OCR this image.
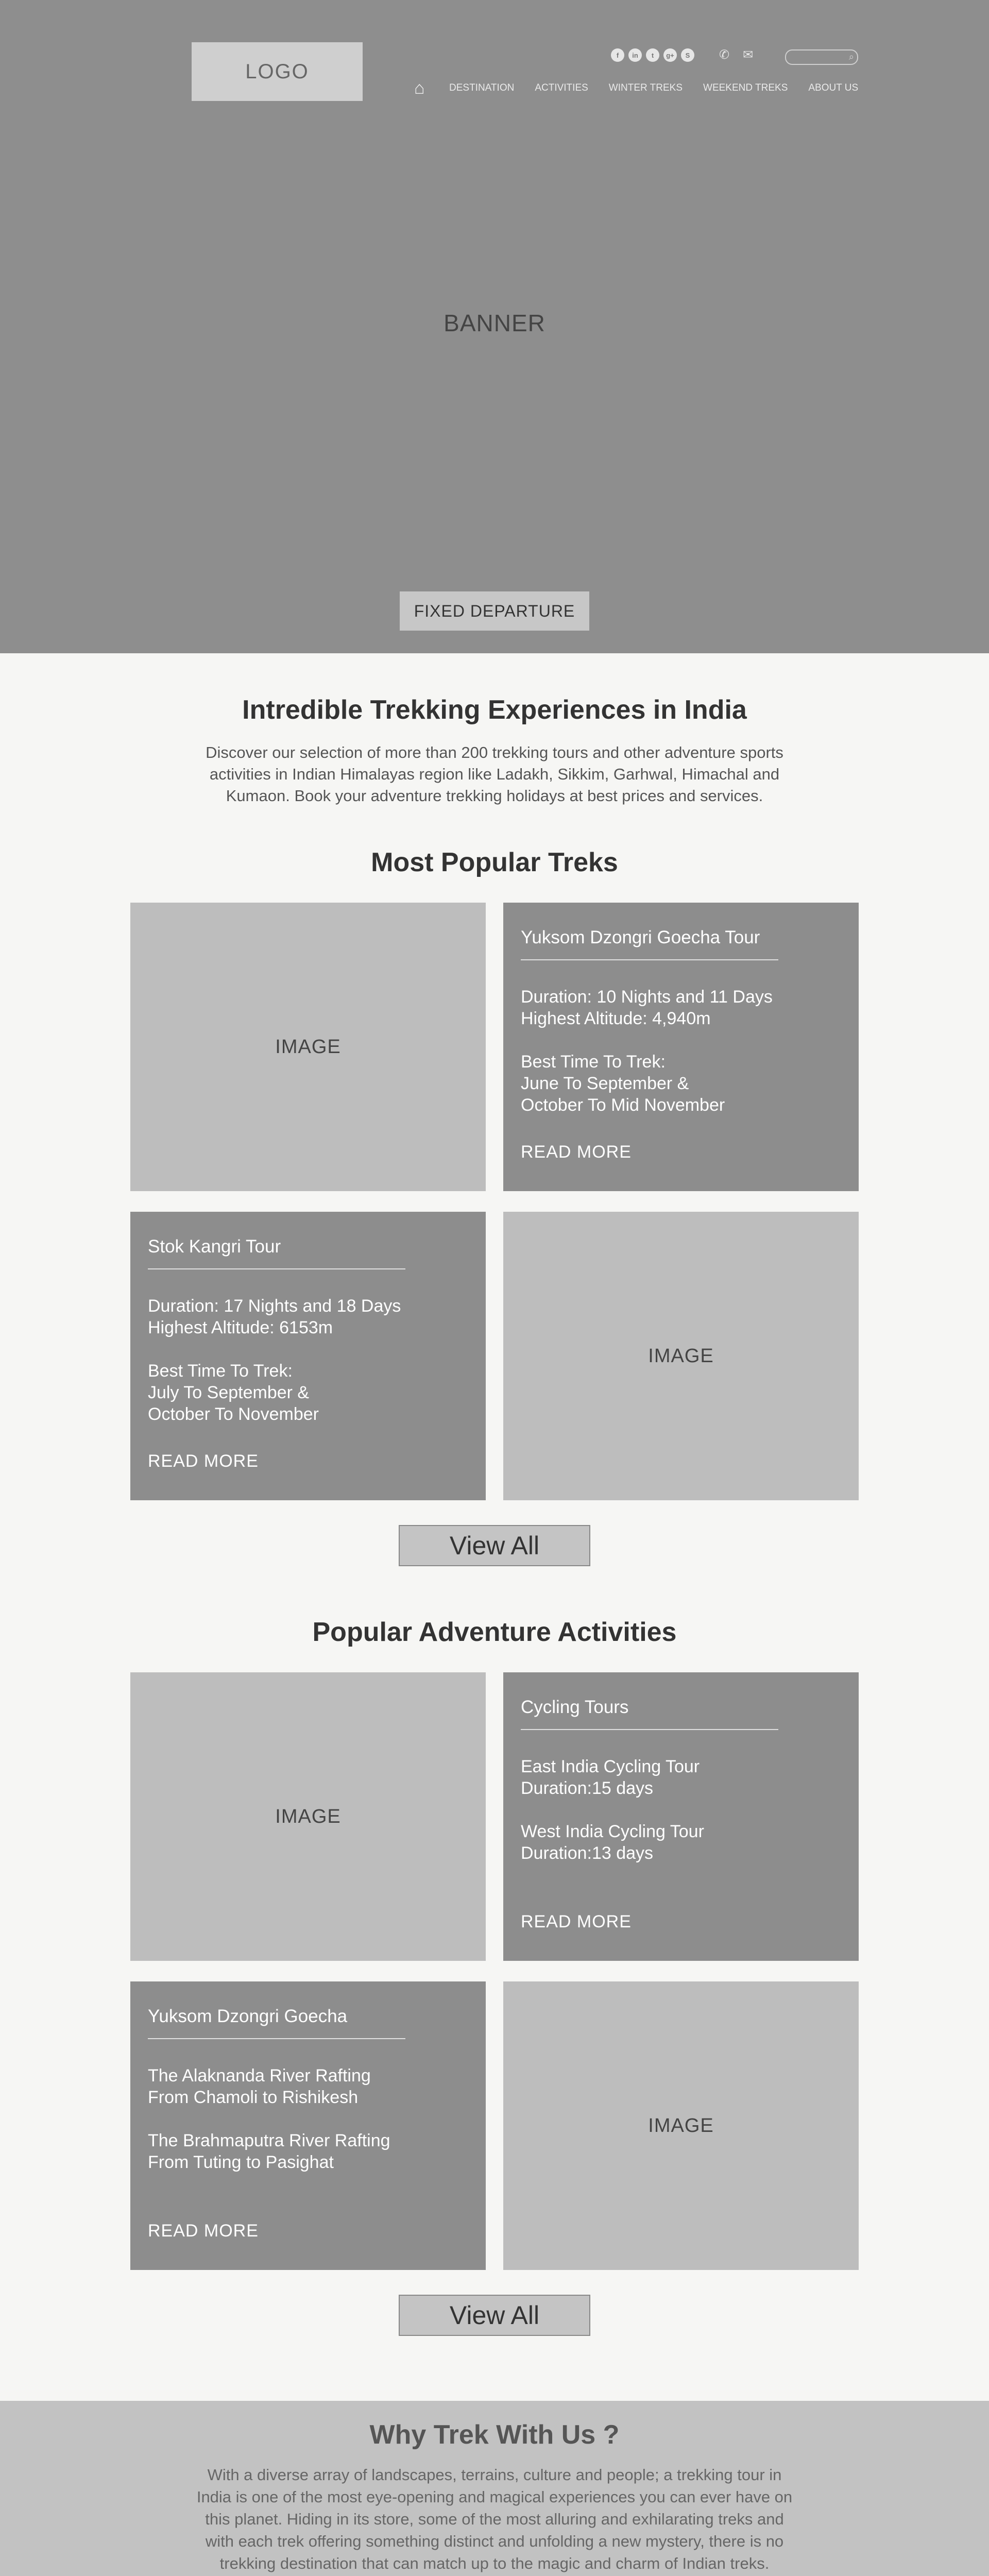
LOGO
f	in	t	g+	S	✆ ✉	⌕
⌂	DESTINATION ACTIVITIES WINTER TREKS WEEKEND TREKS ABOUT US
BANNER
FIXED DEPARTURE
Intredible Trekking Experiences in India

Discover our selection of more than 200 trekking tours and other adventure sports activities in Indian Himalayas region like Ladakh, Sikkim, Garhwal, Himachal and Kumaon. Book your adventure trekking holidays at best prices and services.

Most Popular Treks
IMAGE
Yuksom Dzongri Goecha Tour
Duration: 10 Nights and 11 Days
Highest Altitude: 4,940m
Best Time To Trek:
June To September &
October To Mid November
READ MORE
Stok Kangri Tour
Duration: 17 Nights and 18 Days
Highest Altitude: 6153m
Best Time To Trek:
July To September &
October To November
READ MORE
IMAGE
View All
Popular Adventure Activities
IMAGE
Cycling Tours
East India Cycling Tour
Duration:15 days
West India Cycling Tour
Duration:13 days
READ MORE
Yuksom Dzongri Goecha
The Alaknanda River Rafting
From Chamoli to Rishikesh
The Brahmaputra River Rafting
From Tuting to Pasighat
READ MORE
IMAGE
View All
Why Trek With Us ?

With a diverse array of landscapes, terrains, culture and people; a trekking tour in India is one of the most eye-opening and magical experiences you can ever have on this planet. Hiding in its store, some of the most alluring and exhilarating treks and with each trek offering something distinct and unfolding a new mystery, there is no trekking destination that can match up to the magic and charm of Indian treks.
